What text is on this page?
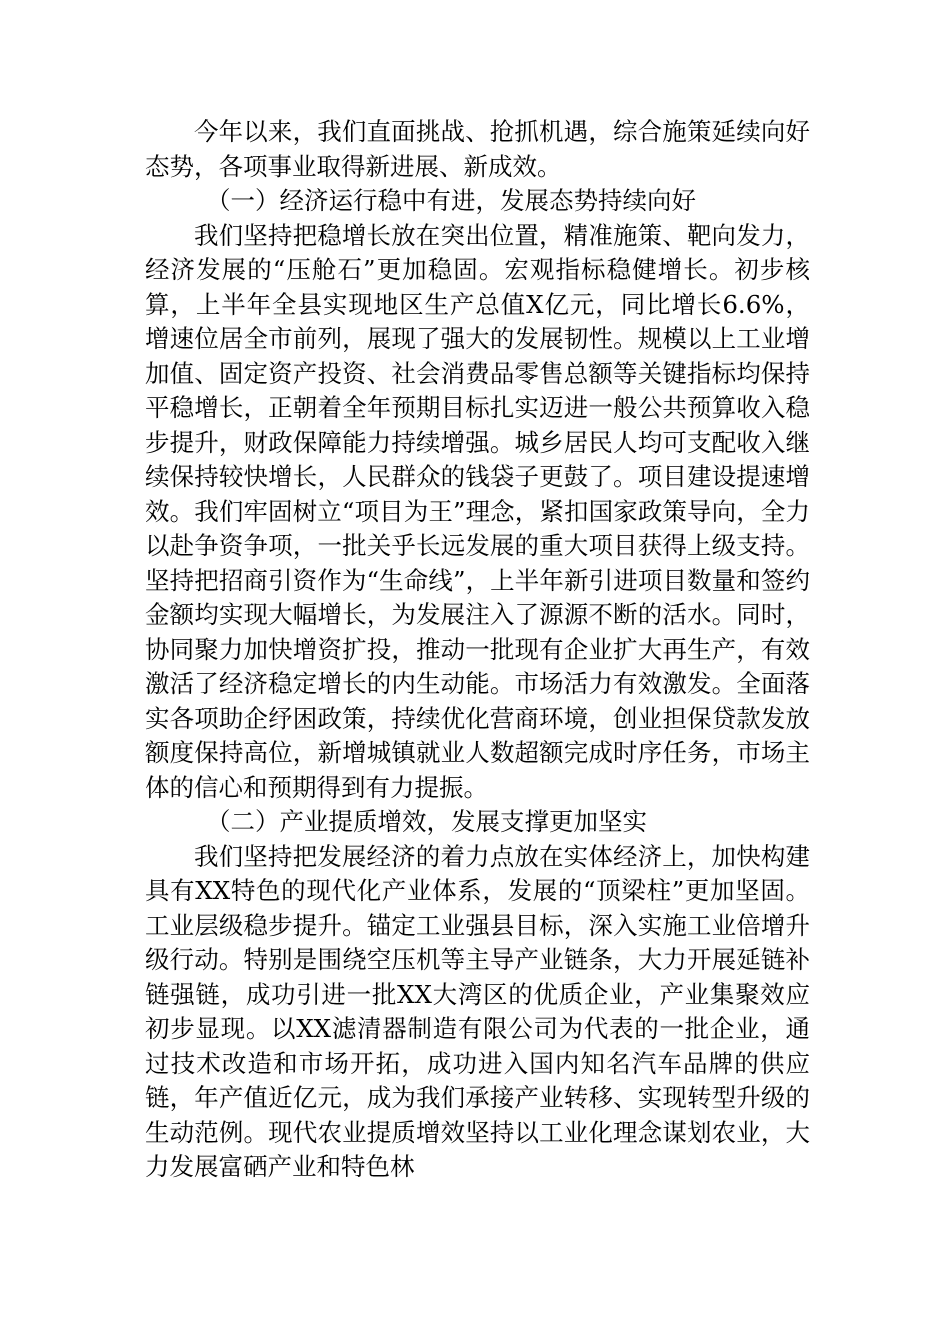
今年以来，我们直面挑战、抢抓机遇，综合施策延续向好态势，各项事业取得新进展、新成效。

（一）经济运行稳中有进，发展态势持续向好

我们坚持把稳增长放在突出位置，精准施策、靶向发力，经济发展的“压舱石”更加稳固。宏观指标稳健增长。初步核算，上半年全县实现地区生产总值X亿元，同比增长6.6%，增速位居全市前列，展现了强大的发展韧性。规模以上工业增加值、固定资产投资、社会消费品零售总额等关键指标均保持平稳增长，正朝着全年预期目标扎实迈进一般公共预算收入稳步提升，财政保障能力持续增强。城乡居民人均可支配收入继续保持较快增长，人民群众的钱袋子更鼓了。项目建设提速增效。我们牢固树立“项目为王”理念，紧扣国家政策导向，全力以赴争资争项，一批关乎长远发展的重大项目获得上级支持。坚持把招商引资作为“生命线”，上半年新引进项目数量和签约金额均实现大幅增长，为发展注入了源源不断的活水。同时，协同聚力加快增资扩投，推动一批现有企业扩大再生产，有效激活了经济稳定增长的内生动能。市场活力有效激发。全面落实各项助企纾困政策，持续优化营商环境，创业担保贷款发放额度保持高位，新增城镇就业人数超额完成时序任务，市场主体的信心和预期得到有力提振。

（二）产业提质增效，发展支撑更加坚实

我们坚持把发展经济的着力点放在实体经济上，加快构建具有XX特色的现代化产业体系，发展的“顶梁柱”更加坚固。工业层级稳步提升。锚定工业强县目标，深入实施工业倍增升级行动。特别是围绕空压机等主导产业链条，大力开展延链补链强链，成功引进一批XX大湾区的优质企业，产业集聚效应初步显现。以XX滤清器制造有限公司为代表的一批企业，通过技术改造和市场开拓，成功进入国内知名汽车品牌的供应链，年产值近亿元，成为我们承接产业转移、实现转型升级的生动范例。现代农业提质增效坚持以工业化理念谋划农业，大力发展富硒产业和特色林
